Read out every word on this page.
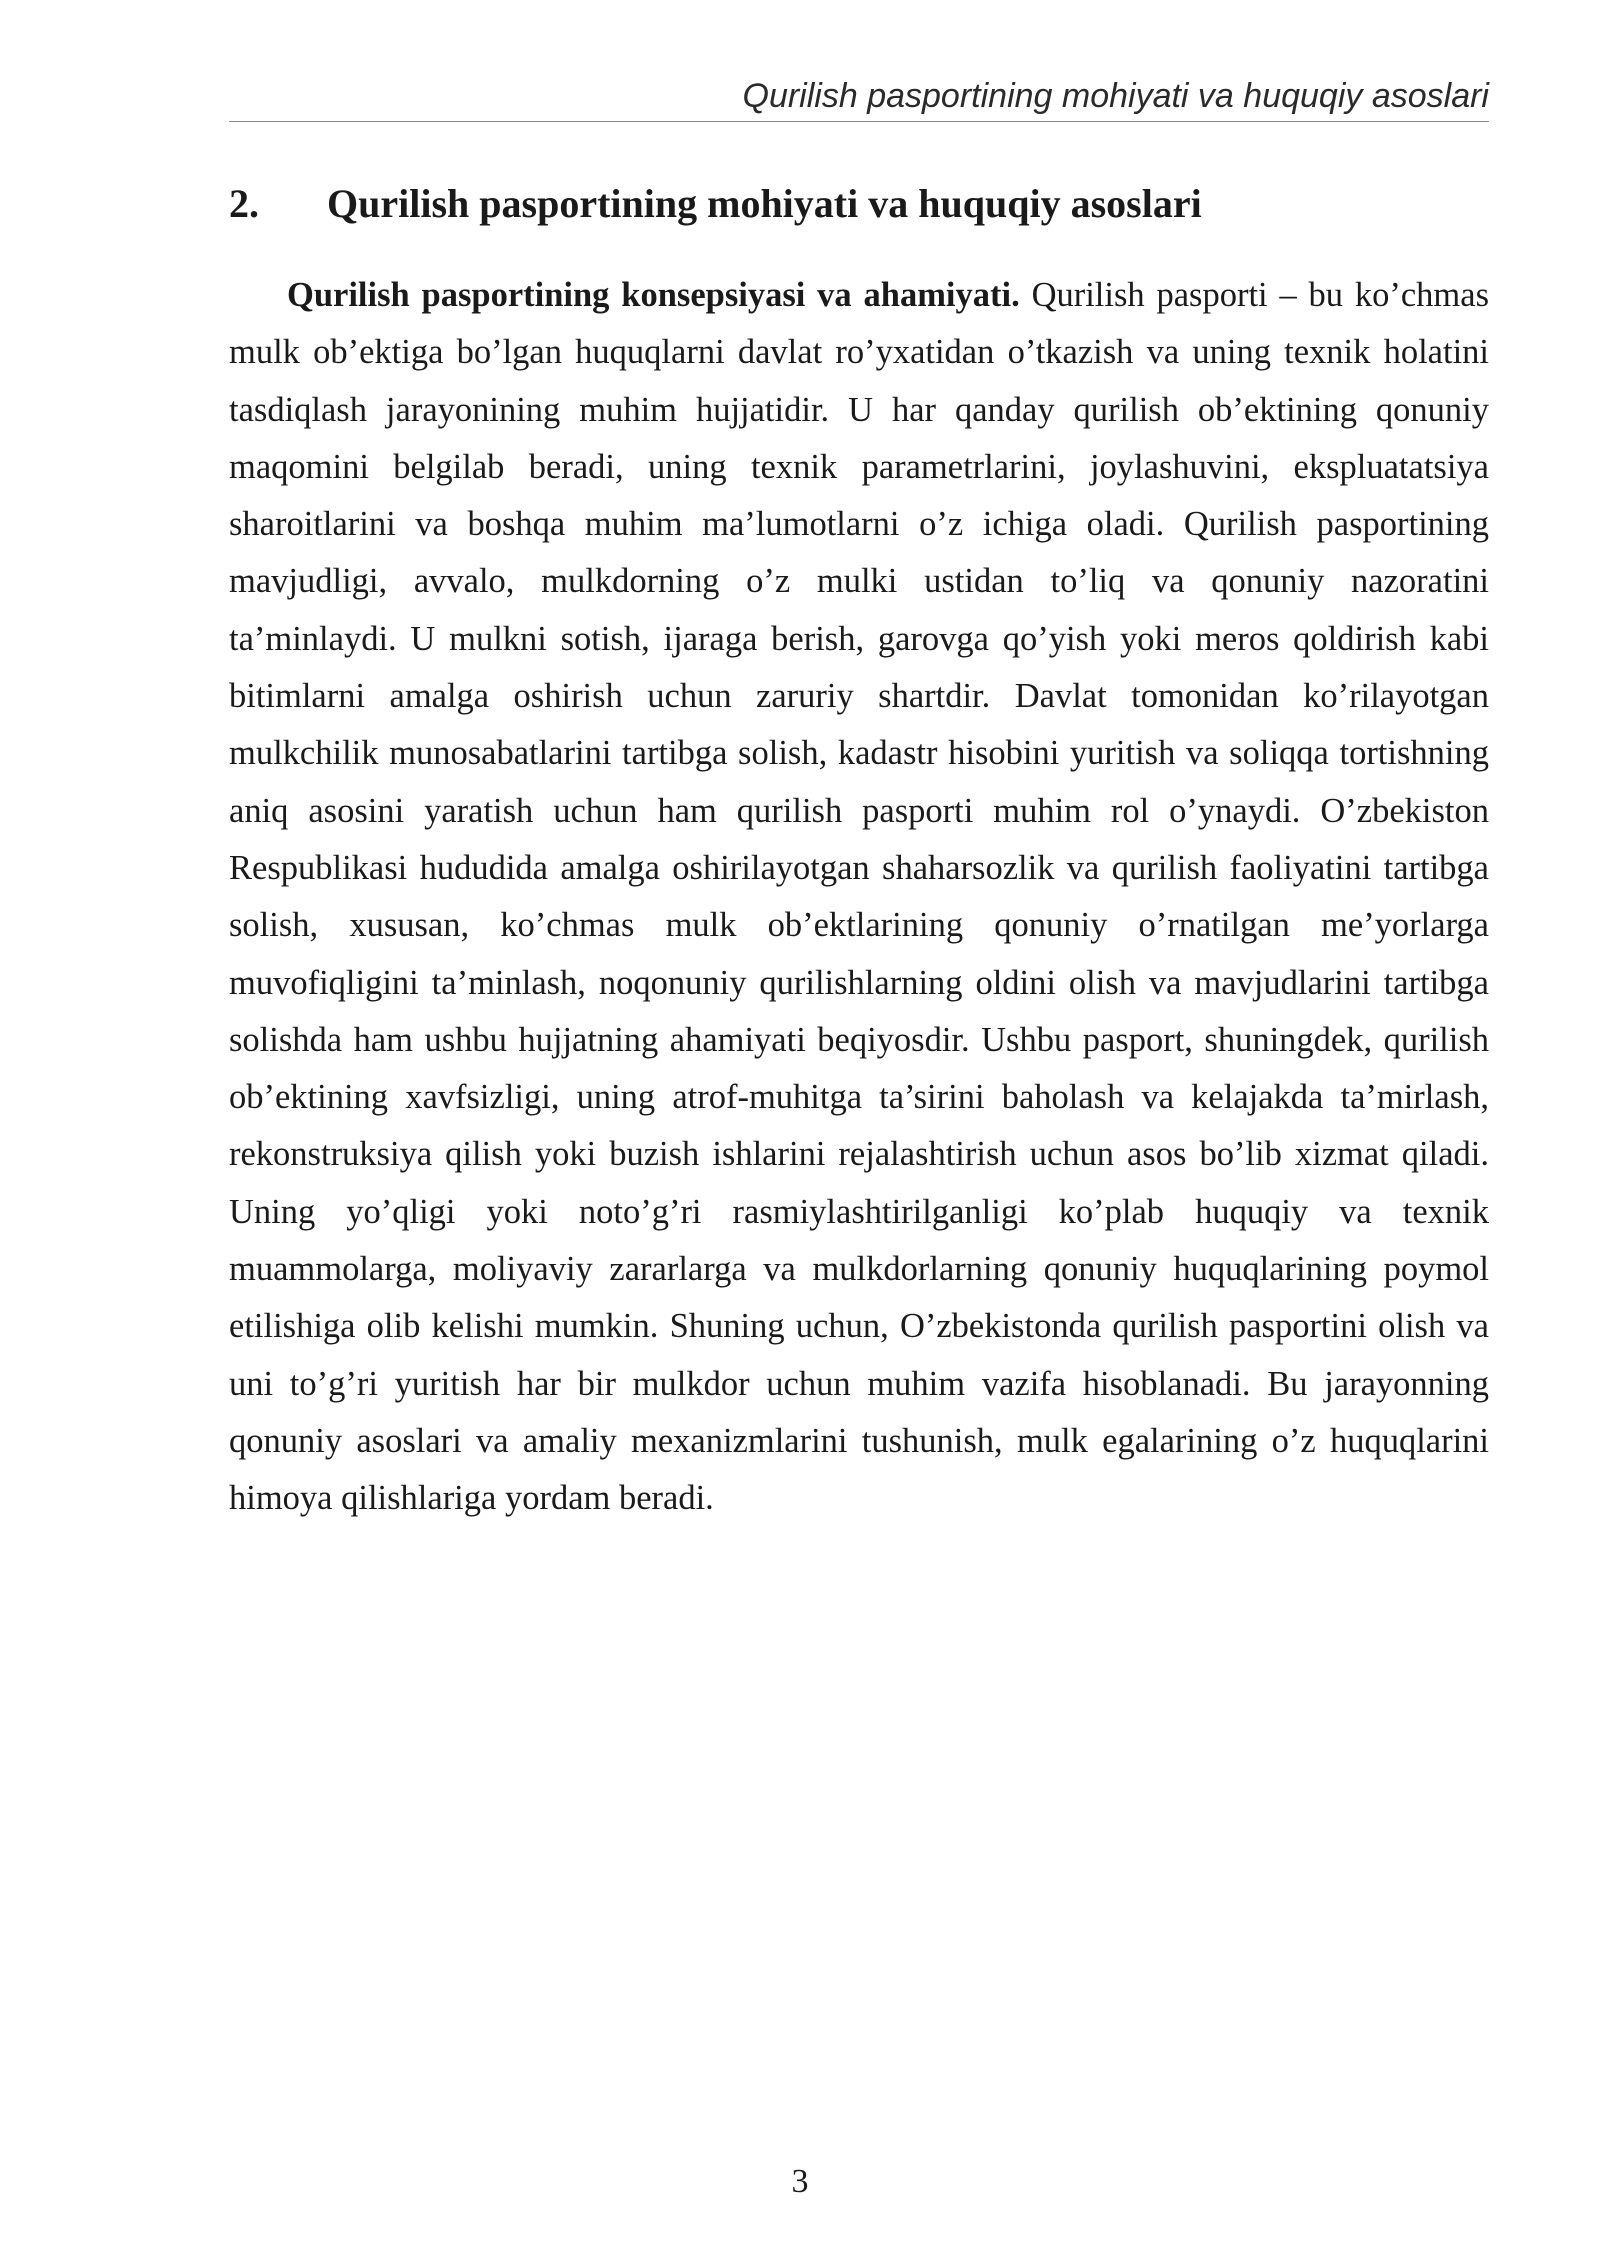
Qurilish pasportining mohiyati va huquqiy asoslari
2. Qurilish pasportining mohiyati va huquqiy asoslari

Qurilish pasportining konsepsiyasi va ahamiyati. Qurilish pasporti – bu ko’chmas mulk ob’ektiga bo’lgan huquqlarni davlat ro’yxatidan o’tkazish va uning texnik holatini tasdiqlash jarayonining muhim hujjatidir. U har qanday qurilish ob’ektining qonuniy maqomini belgilab beradi, uning texnik parametrlarini, joylashuvini, ekspluatatsiya sharoitlarini va boshqa muhim ma’lumotlarni o’z ichiga oladi. Qurilish pasportining mavjudligi, avvalo, mulkdorning o’z mulki ustidan to’liq va qonuniy nazoratini ta’minlaydi. U mulkni sotish, ijaraga berish, garovga qo’yish yoki meros qoldirish kabi bitimlarni amalga oshirish uchun zaruriy shartdir. Davlat tomonidan ko’rilayotgan mulkchilik munosabatlarini tartibga solish, kadastr hisobini yuritish va soliqqa tortishning aniq asosini yaratish uchun ham qurilish pasporti muhim rol o’ynaydi. O’zbekiston Respublikasi hududida amalga oshirilayotgan shaharsozlik va qurilish faoliyatini tartibga solish, xususan, ko’chmas mulk ob’ektlarining qonuniy o’rnatilgan me’yorlarga muvofiqligini ta’minlash, noqonuniy qurilishlarning oldini olish va mavjudlarini tartibga solishda ham ushbu hujjatning ahamiyati beqiyosdir. Ushbu pasport, shuningdek, qurilish ob’ektining xavfsizligi, uning atrof-muhitga ta’sirini baholash va kelajakda ta’mirlash, rekonstruksiya qilish yoki buzish ishlarini rejalashtirish uchun asos bo’lib xizmat qiladi. Uning yo’qligi yoki noto’g’ri rasmiylashtirilganligi ko’plab huquqiy va texnik muammolarga, moliyaviy zararlarga va mulkdorlarning qonuniy huquqlarining poymol etilishiga olib kelishi mumkin. Shuning uchun, O’zbekistonda qurilish pasportini olish va uni to’g’ri yuritish har bir mulkdor uchun muhim vazifa hisoblanadi. Bu jarayonning qonuniy asoslari va amaliy mexanizmlarini tushunish, mulk egalarining o’z huquqlarini himoya qilishlariga yordam beradi.

3
